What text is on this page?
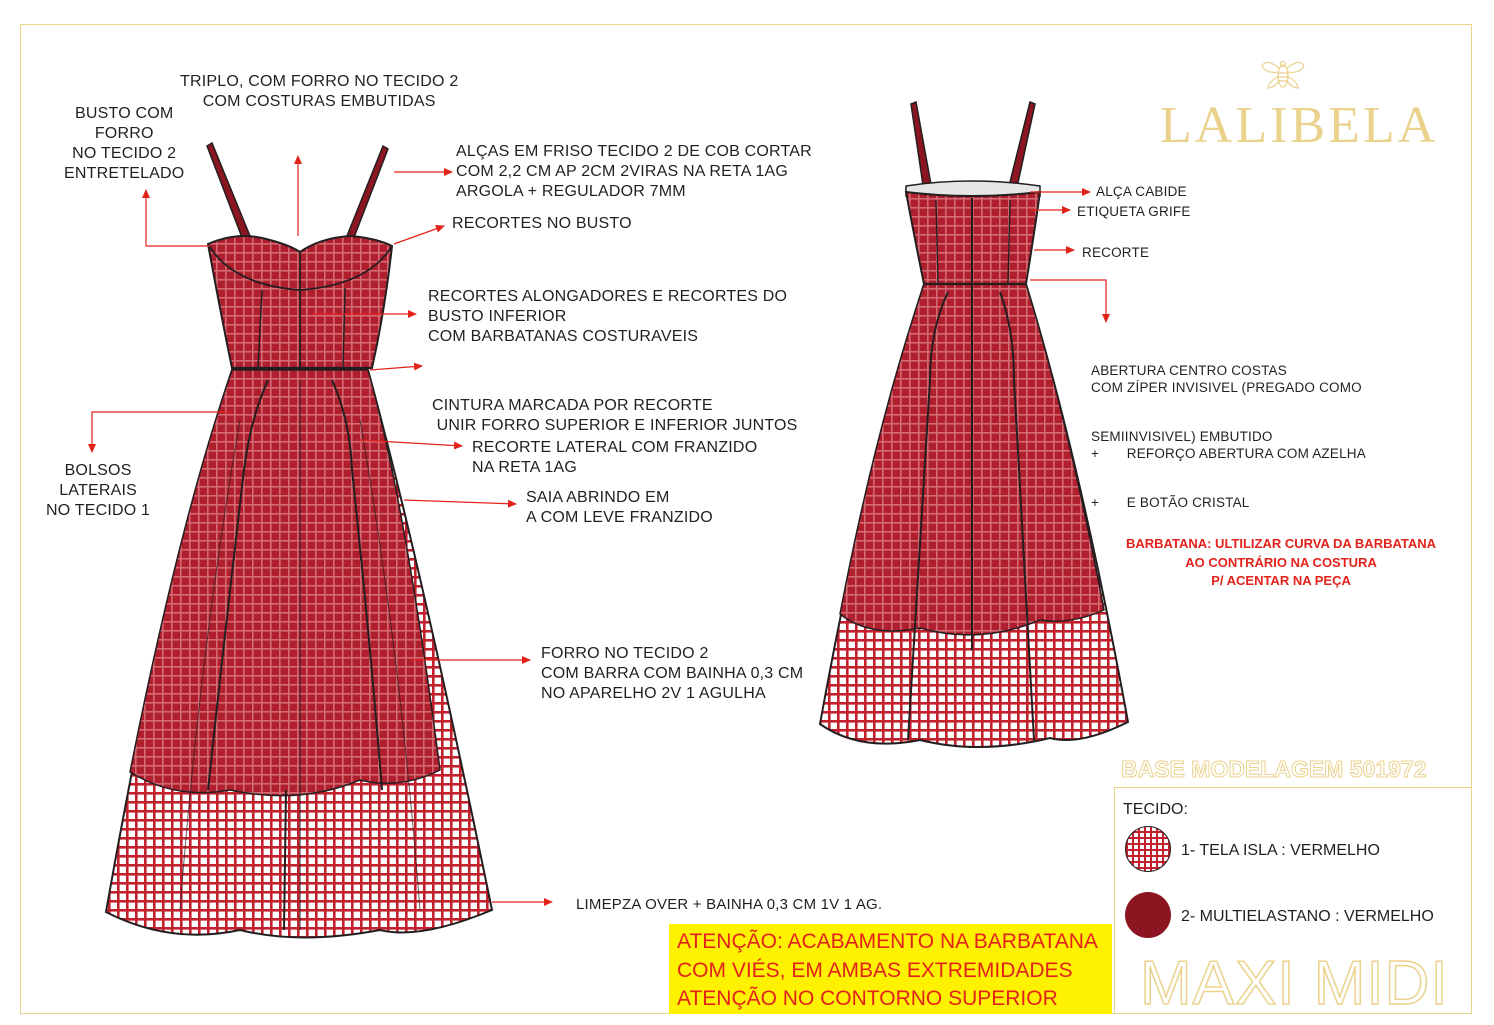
LALIBELA
TRIPLO, COM FORRO NO TECIDO 2
COM COSTURAS EMBUTIDAS
BUSTO COM
FORRO
NO TECIDO 2
ENTRETELADO
ALÇAS EM FRISO TECIDO 2 DE COB CORTAR
COM 2,2 CM AP 2CM 2VIRAS NA RETA 1AG
ARGOLA + REGULADOR 7MM
RECORTES NO BUSTO
RECORTES ALONGADORES E RECORTES DO
BUSTO INFERIOR
COM BARBATANAS COSTURAVEIS

CINTURA MARCADA POR RECORTE
UNIR FORRO SUPERIOR E INFERIOR JUNTOS

BOLSOS
LATERAIS
NO TECIDO 1
RECORTE LATERAL COM FRANZIDO
NA RETA 1AG
SAIA ABRINDO EM
A COM LEVE FRANZIDO
FORRO NO TECIDO 2
COM BARRA COM BAINHA 0,3 CM
NO APARELHO 2V 1 AGULHA
LIMEPZA OVER + BAINHA 0,3 CM 1V 1 AG.
ALÇA CABIDE
ETIQUETA GRIFE
RECORTE

ABERTURA CENTRO COSTAS
COM ZÍPER INVISIVEL (PREGADO COMO

SEMIINVISIVEL) EMBUTIDO
+       REFORÇO ABERTURA COM AZELHA

+       E BOTÃO CRISTAL

BARBATANA: ULTILIZAR CURVA DA BARBATANA
AO CONTRÁRIO NA COSTURA
P/ ACENTAR NA PEÇA
BASE MODELAGEM 501972
TECIDO:
1- TELA ISLA : VERMELHO
2- MULTIELASTANO : VERMELHO
MAXI MIDI
ATENÇÃO: ACABAMENTO NA BARBATANA
COM VIÉS, EM AMBAS EXTREMIDADES
ATENÇÃO NO CONTORNO SUPERIOR
